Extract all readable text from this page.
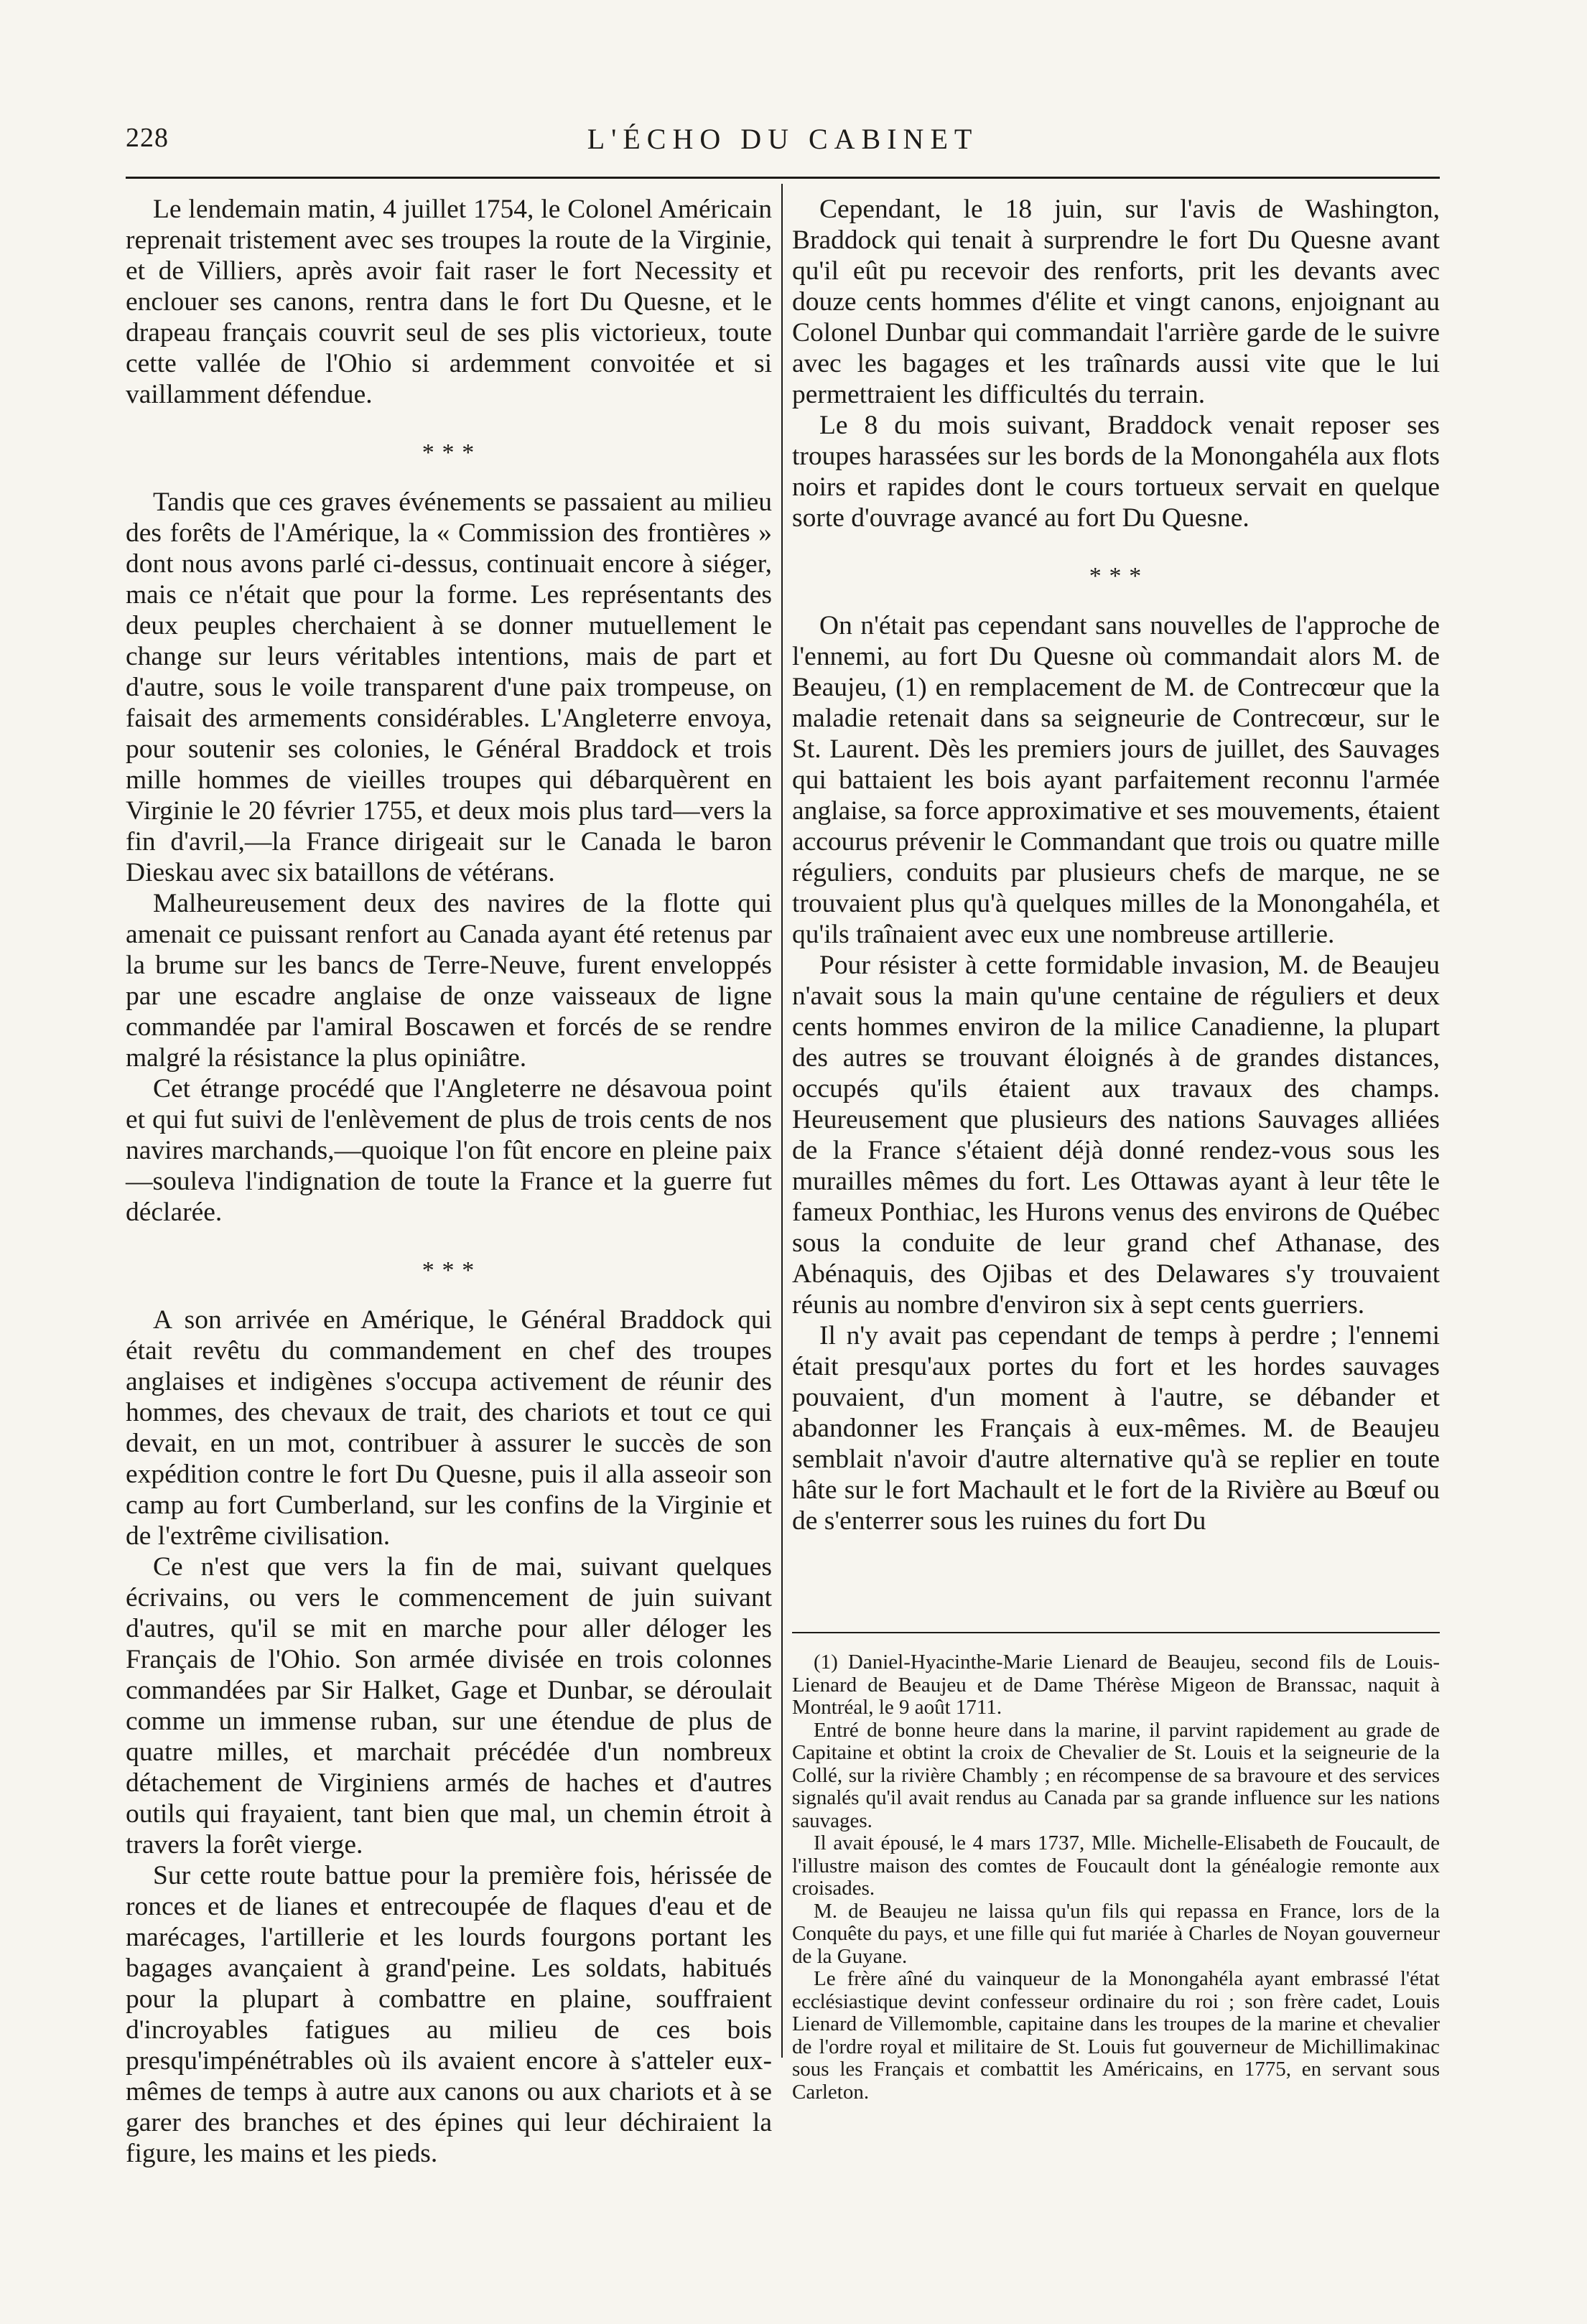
228	L'ÉCHO DU CABINET

Le lendemain matin, 4 juillet 1754, le Colonel Américain reprenait tristement avec ses troupes la route de la Virginie, et de Villiers, après avoir fait raser le fort Necessity et enclouer ses canons, rentra dans le fort Du Quesne, et le drapeau français couvrit seul de ses plis victorieux, toute cette vallée de l'Ohio si ardemment convoitée et si vaillamment défendue.

* * *

Tandis que ces graves événements se passaient au milieu des forêts de l'Amérique, la « Commission des frontières » dont nous avons parlé ci-dessus, continuait encore à siéger, mais ce n'était que pour la forme. Les représentants des deux peuples cherchaient à se donner mutuellement le change sur leurs véritables intentions, mais de part et d'autre, sous le voile transparent d'une paix trompeuse, on faisait des armements considérables. L'Angleterre envoya, pour soutenir ses colonies, le Général Braddock et trois mille hommes de vieilles troupes qui débarquèrent en Virginie le 20 février 1755, et deux mois plus tard—vers la fin d'avril,—la France dirigeait sur le Canada le baron Dieskau avec six bataillons de vétérans.

Malheureusement deux des navires de la flotte qui amenait ce puissant renfort au Canada ayant été retenus par la brume sur les bancs de Terre-Neuve, furent enveloppés par une escadre anglaise de onze vaisseaux de ligne commandée par l'amiral Boscawen et forcés de se rendre malgré la résistance la plus opiniâtre.

Cet étrange procédé que l'Angleterre ne désavoua point et qui fut suivi de l'enlèvement de plus de trois cents de nos navires marchands,—quoique l'on fût encore en pleine paix—souleva l'indignation de toute la France et la guerre fut déclarée.

* * *

A son arrivée en Amérique, le Général Braddock qui était revêtu du commandement en chef des troupes anglaises et indigènes s'occupa activement de réunir des hommes, des chevaux de trait, des chariots et tout ce qui devait, en un mot, contribuer à assurer le succès de son expédition contre le fort Du Quesne, puis il alla asseoir son camp au fort Cumberland, sur les confins de la Virginie et de l'extrême civilisation.

Ce n'est que vers la fin de mai, suivant quelques écrivains, ou vers le commencement de juin suivant d'autres, qu'il se mit en marche pour aller déloger les Français de l'Ohio. Son armée divisée en trois colonnes commandées par Sir Halket, Gage et Dunbar, se déroulait comme un immense ruban, sur une étendue de plus de quatre milles, et marchait précédée d'un nombreux détachement de Virginiens armés de haches et d'autres outils qui frayaient, tant bien que mal, un chemin étroit à travers la forêt vierge.

Sur cette route battue pour la première fois, hérissée de ronces et de lianes et entrecoupée de flaques d'eau et de marécages, l'artillerie et les lourds fourgons portant les bagages avançaient à grand'peine. Les soldats, habitués pour la plupart à combattre en plaine, souffraient d'incroyables fatigues au milieu de ces bois presqu'impénétrables où ils avaient encore à s'atteler eux-mêmes de temps à autre aux canons ou aux chariots et à se garer des branches et des épines qui leur déchiraient la figure, les mains et les pieds.

Cependant, le 18 juin, sur l'avis de Washington, Braddock qui tenait à surprendre le fort Du Quesne avant qu'il eût pu recevoir des renforts, prit les devants avec douze cents hommes d'élite et vingt canons, enjoignant au Colonel Dunbar qui commandait l'arrière garde de le suivre avec les bagages et les traînards aussi vite que le lui permettraient les difficultés du terrain.

Le 8 du mois suivant, Braddock venait reposer ses troupes harassées sur les bords de la Monongahéla aux flots noirs et rapides dont le cours tortueux servait en quelque sorte d'ouvrage avancé au fort Du Quesne.

* * *

On n'était pas cependant sans nouvelles de l'approche de l'ennemi, au fort Du Quesne où commandait alors M. de Beaujeu, (1) en remplacement de M. de Contrecœur que la maladie retenait dans sa seigneurie de Contrecœur, sur le St. Laurent. Dès les premiers jours de juillet, des Sauvages qui battaient les bois ayant parfaitement reconnu l'armée anglaise, sa force approximative et ses mouvements, étaient accourus prévenir le Commandant que trois ou quatre mille réguliers, conduits par plusieurs chefs de marque, ne se trouvaient plus qu'à quelques milles de la Monongahéla, et qu'ils traînaient avec eux une nombreuse artillerie.

Pour résister à cette formidable invasion, M. de Beaujeu n'avait sous la main qu'une centaine de réguliers et deux cents hommes environ de la milice Canadienne, la plupart des autres se trouvant éloignés à de grandes distances, occupés qu'ils étaient aux travaux des champs. Heureusement que plusieurs des nations Sauvages alliées de la France s'étaient déjà donné rendez-vous sous les murailles mêmes du fort. Les Ottawas ayant à leur tête le fameux Ponthiac, les Hurons venus des environs de Québec sous la conduite de leur grand chef Athanase, des Abénaquis, des Ojibas et des Delawares s'y trouvaient réunis au nombre d'environ six à sept cents guerriers.

Il n'y avait pas cependant de temps à perdre ; l'ennemi était presqu'aux portes du fort et les hordes sauvages pouvaient, d'un moment à l'autre, se débander et abandonner les Français à eux-mêmes. M. de Beaujeu semblait n'avoir d'autre alternative qu'à se replier en toute hâte sur le fort Machault et le fort de la Rivière au Bœuf ou de s'enterrer sous les ruines du fort Du

(1) Daniel-Hyacinthe-Marie Lienard de Beaujeu, second fils de Louis-Lienard de Beaujeu et de Dame Thérèse Migeon de Branssac, naquit à Montréal, le 9 août 1711.

Entré de bonne heure dans la marine, il parvint rapidement au grade de Capitaine et obtint la croix de Chevalier de St. Louis et la seigneurie de la Collé, sur la rivière Chambly ; en récompense de sa bravoure et des services signalés qu'il avait rendus au Canada par sa grande influence sur les nations sauvages.

Il avait épousé, le 4 mars 1737, Mlle. Michelle-Elisabeth de Foucault, de l'illustre maison des comtes de Foucault dont la généalogie remonte aux croisades.

M. de Beaujeu ne laissa qu'un fils qui repassa en France, lors de la Conquête du pays, et une fille qui fut mariée à Charles de Noyan gouverneur de la Guyane.

Le frère aîné du vainqueur de la Monongahéla ayant embrassé l'état ecclésiastique devint confesseur ordinaire du roi ; son frère cadet, Louis Lienard de Villemomble, capitaine dans les troupes de la marine et chevalier de l'ordre royal et militaire de St. Louis fut gouverneur de Michillimakinac sous les Français et combattit les Américains, en 1775, en servant sous Carleton.
